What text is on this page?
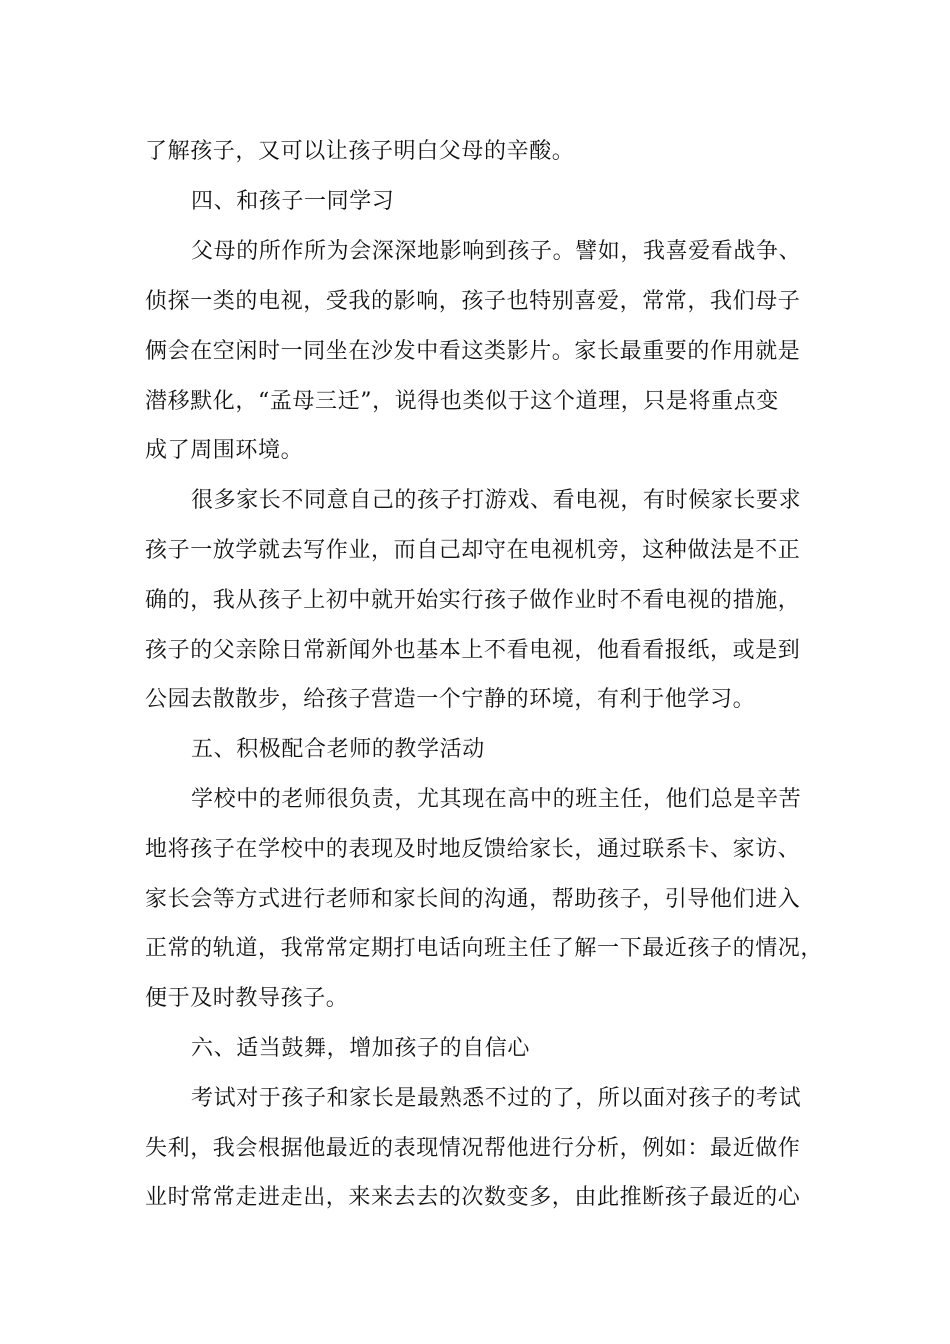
了解孩子，又可以让孩子明白父母的辛酸。
四、和孩子一同学习
父母的所作所为会深深地影响到孩子。譬如，我喜爱看战争、
侦探一类的电视，受我的影响，孩子也特别喜爱，常常，我们母子
俩会在空闲时一同坐在沙发中看这类影片。家长最重要的作用就是
潜移默化，“孟母三迁”，说得也类似于这个道理，只是将重点变
成了周围环境。
很多家长不同意自己的孩子打游戏、看电视，有时候家长要求
孩子一放学就去写作业，而自己却守在电视机旁，这种做法是不正
确的，我从孩子上初中就开始实行孩子做作业时不看电视的措施，
孩子的父亲除日常新闻外也基本上不看电视，他看看报纸，或是到
公园去散散步，给孩子营造一个宁静的环境，有利于他学习。
五、积极配合老师的教学活动
学校中的老师很负责，尤其现在高中的班主任，他们总是辛苦
地将孩子在学校中的表现及时地反馈给家长，通过联系卡、家访、
家长会等方式进行老师和家长间的沟通，帮助孩子，引导他们进入
正常的轨道，我常常定期打电话向班主任了解一下最近孩子的情况，
便于及时教导孩子。
六、适当鼓舞，增加孩子的自信心
考试对于孩子和家长是最熟悉不过的了，所以面对孩子的考试
失利，我会根据他最近的表现情况帮他进行分析，例如：最近做作
业时常常走进走出，来来去去的次数变多，由此推断孩子最近的心
